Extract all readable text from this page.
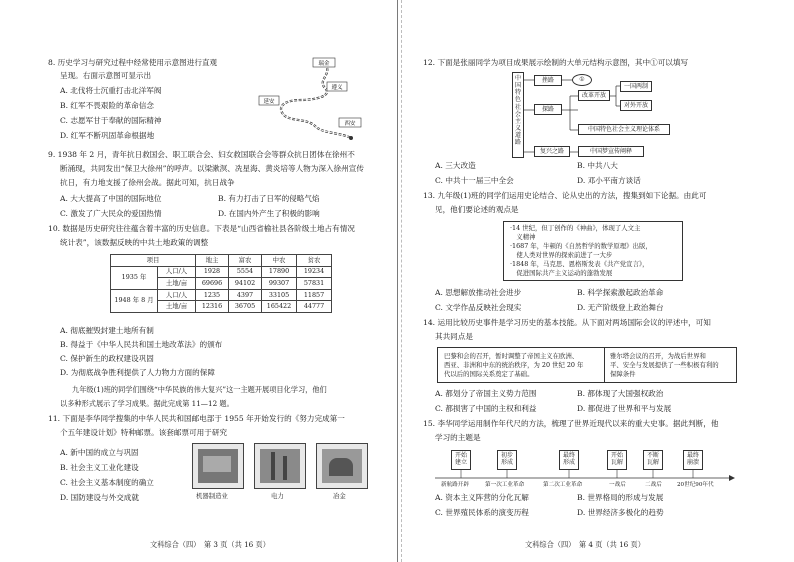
8. 历史学习与研究过程中经常使用示意图进行直观
呈现。右面示意图可显示出
A. 北伐将士沉重打击北洋军阀
B. 红军不畏艰险的革命信念
C. 志愿军甘于奉献的国际精神
D. 红军不断巩固革命根据地
瑞金
遵义
延安
西安
9. 1938 年 2 月，青年抗日救国会、职工联合会、妇女救国联合会等群众抗日团体在徐州不
断涌现，共同发出“保卫大徐州”的呼声。以梁漱溟、冼星海、黄炎培等人物为深入徐州宣传
抗日，有力地支援了徐州会战。据此可知，抗日战争
A. 大大提高了中国的国际地位	B. 有力打击了日军的侵略气焰
C. 激发了广大民众的爱国热情	D. 在国内外产生了积极的影响
10. 数据是历史研究往往蕴含着丰富的历史信息。下表是“山西省榆社县各阶级土地占有情况
统计表”，该数据反映的中共土地政策的调整
项目		地主	富农	中农	贫农
1935 年	人口/人	1928	5554	17890	19234
	土地/亩	69696	94102	99307	57831
1948 年 8 月	人口/人	1235	4397	33105	11857
	土地/亩	12316	36705	165422	44777
A. 彻底摧毁封建土地所有制
B. 得益于《中华人民共和国土地改革法》的颁布
C. 保护新生的政权建设巩固
D. 为彻底战争胜利提供了人力物力方面的保障
九年级(1)班的同学们围绕“中华民族的伟大复兴”这一主题开展项目化学习，他们
以多种形式展示了学习成果。据此完成第 11—12 题。
11. 下面是李华同学搜集的中华人民共和国邮电部于 1955 年开始发行的《努力完成第一
个五年建设计划》特种邮票。该套邮票可用于研究
A. 新中国的成立与巩固
B. 社会主义工业化建设
C. 社会主义基本制度的确立
D. 国防建设与外交成就	机器制造业	电力	冶金
文科综合（四）　第 3 页（共 16 页）
12. 下面是张丽同学为项目成果展示绘制的大单元结构示意图，其中①可以填写
中国特色社会主义道路
挫路	①
探路
改革开放
一国两制
对外开放
中国特色社会主义理论体系
复兴之路	中国梦宣传阐释
A. 三大改造	B. 中共八大
C. 中共十一届三中全会	D. 邓小平南方谈话
13. 九年级(1)班的同学们运用史论结合、论从史出的方法，搜集到如下论据。由此可
见，他们要论述的观点是
·14 世纪，但丁创作的《神曲》，体现了人文主
　义精神
·1687 年，牛顿的《自然哲学的数学原理》出版，
　使人类对世界的探索前进了一大步
·1848 年，马克思、恩格斯发表《共产党宣言》，
　促进国际共产主义运动的蓬勃发展
A. 思想解放推动社会进步	B. 科学探索激起政治革命
C. 文学作品反映社会现实	D. 无产阶级登上政治舞台
14. 运用比较历史事件是学习历史的基本技能。从下面对两场国际会议的评述中，可知
其共同点是
巴黎和会的召开，暂时调整了帝国主义在欧洲、
西亚、非洲和中东的统治秩序，为 20 世纪 20 年
代以后的国际关系奠定了基础。
雅尔塔会议的召开，为战后世界和
平、安全与发展提供了一些积极有利的
保障条件
A. 都划分了帝国主义势力范围	B. 都体现了大国强权政治
C. 都损害了中国的主权和利益	D. 都促进了世界和平与发展
15. 李华同学运用制作年代尺的方法，梳理了世界近现代以来的重大史事。据此判断，他
学习的主题是
开始
建立
初步
形成
最终
形成
开始
瓦解
不断
瓦解
最终
崩溃
新航路开辟	第一次工业革命	第二次工业革命	一战后	二战后	20世纪90年代
A. 资本主义阵营的分化瓦解	B. 世界格局的形成与发展
C. 世界殖民体系的演变历程	D. 世界经济多极化的趋势
文科综合（四）　第 4 页（共 16 页）
